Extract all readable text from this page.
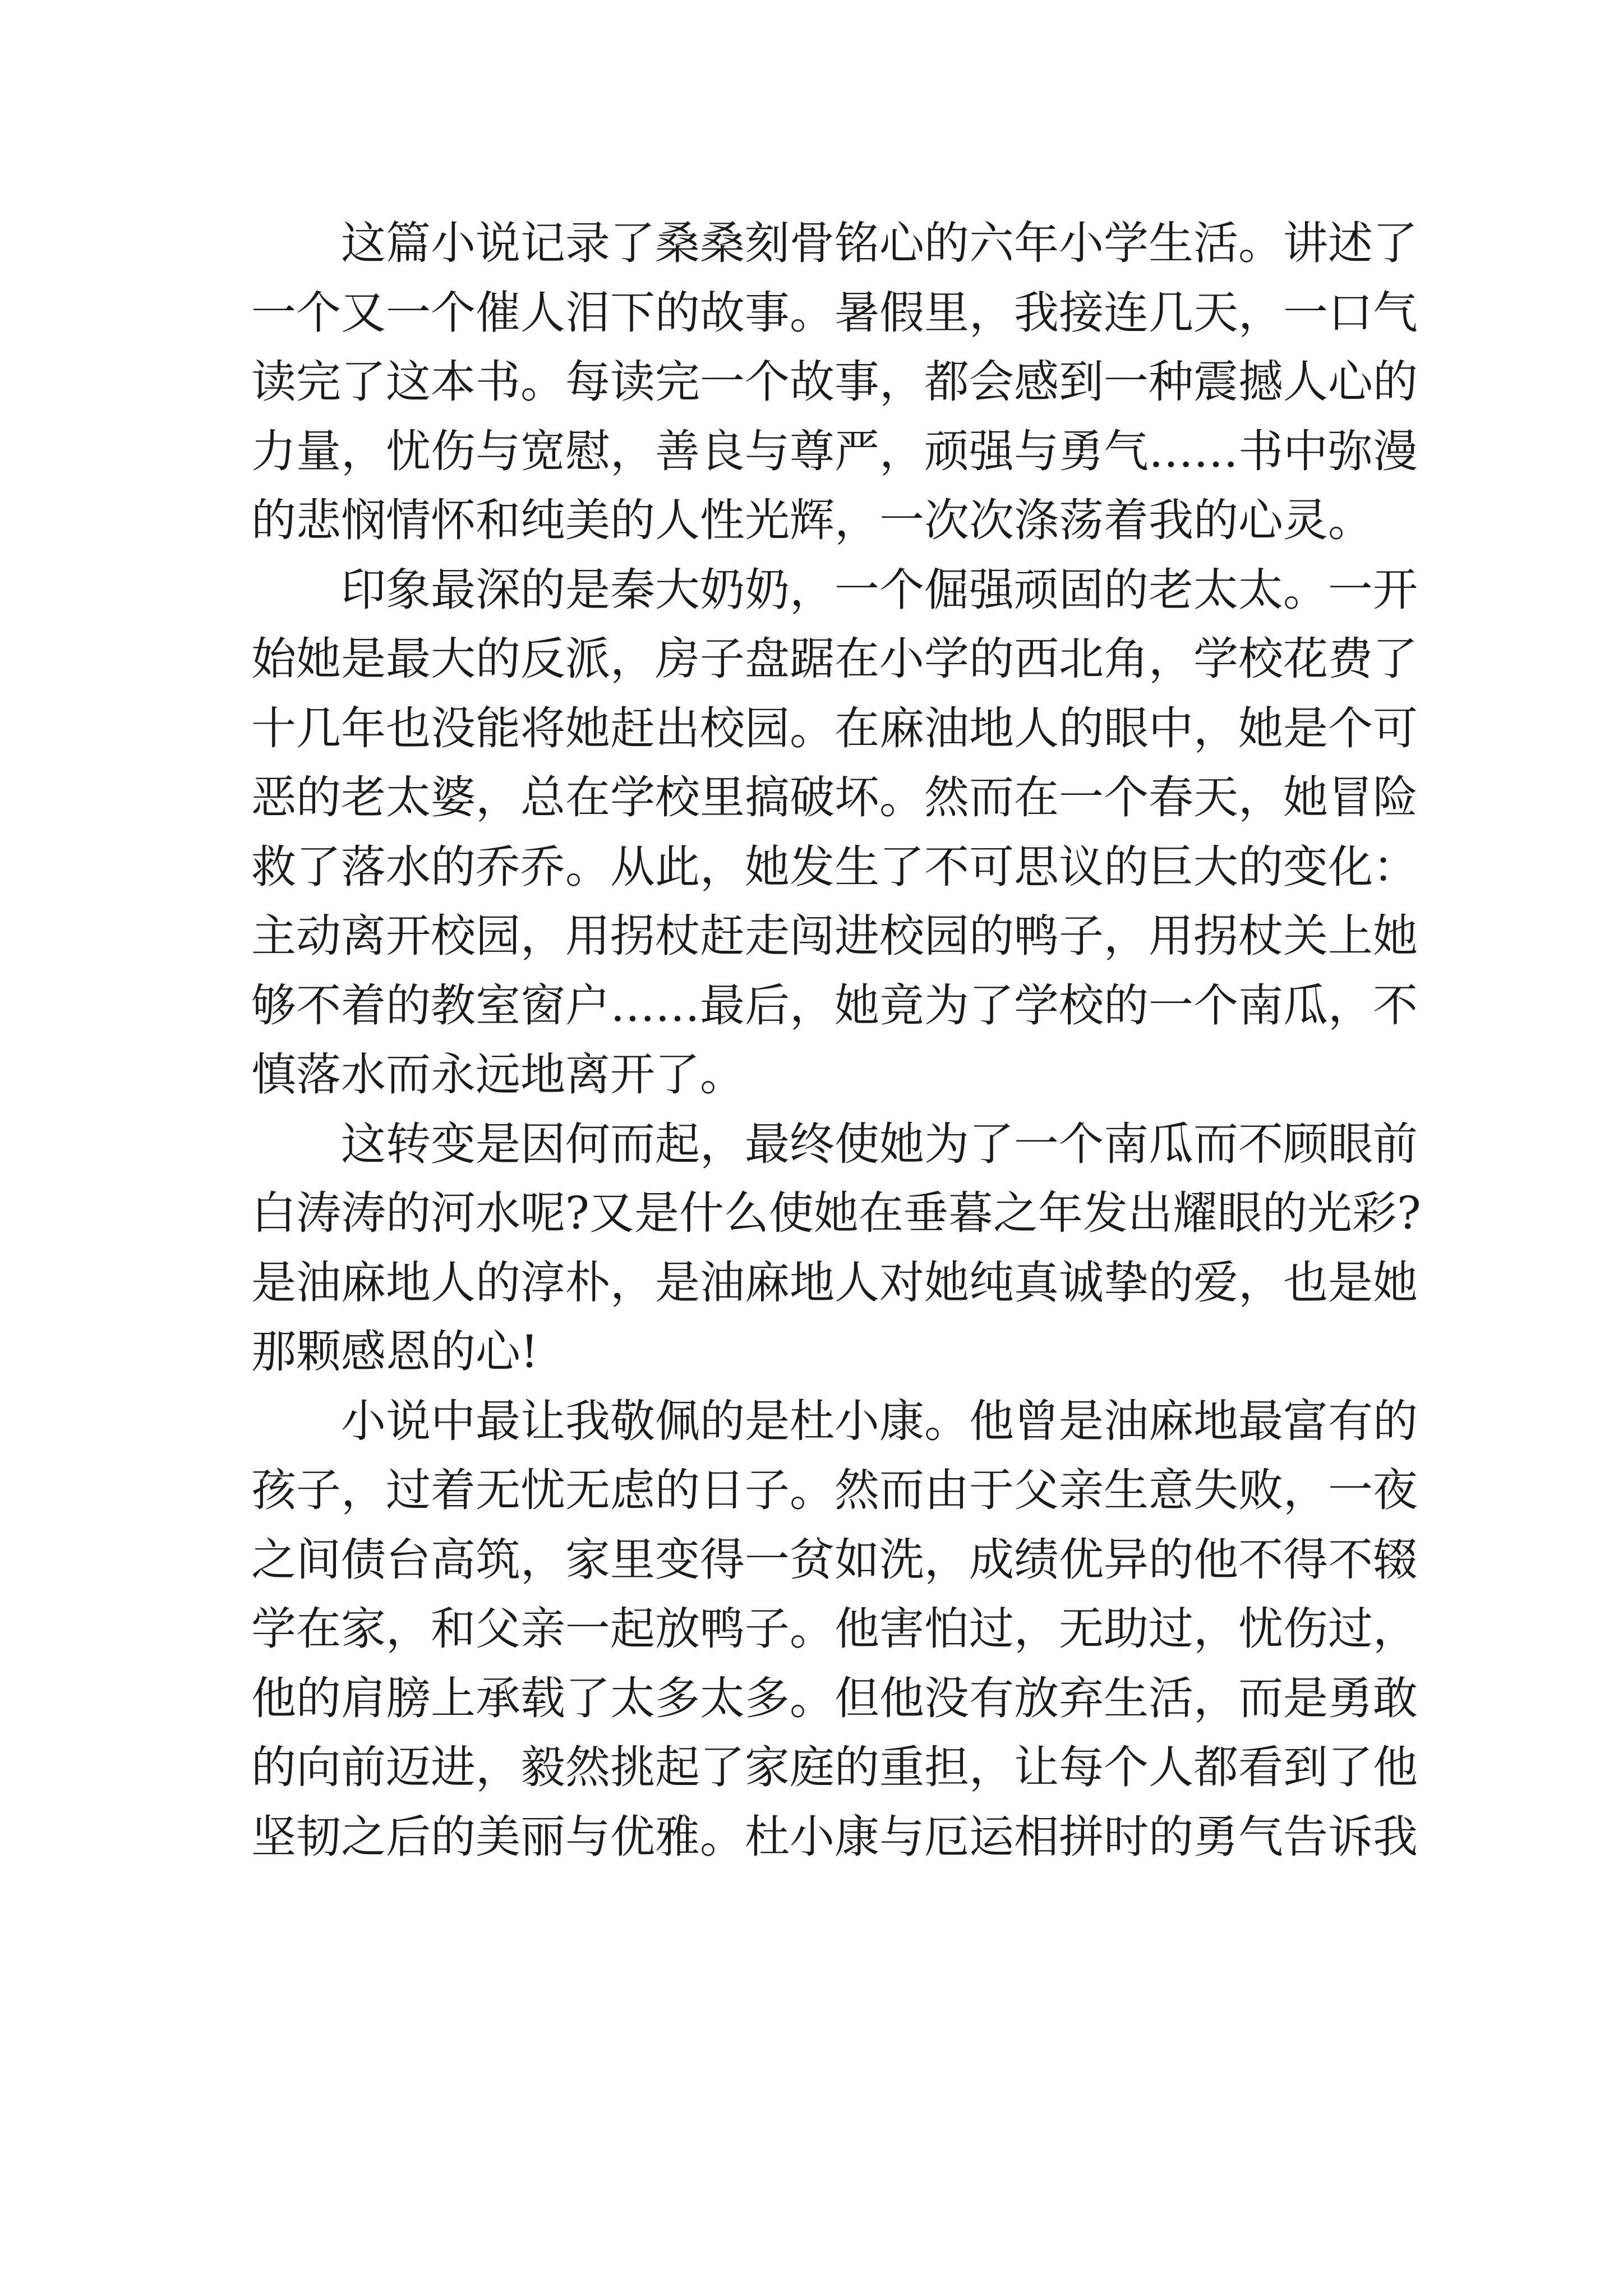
这篇小说记录了桑桑刻骨铭心的六年小学生活。讲述了
一个又一个催人泪下的故事。暑假里，我接连几天，一口气
读完了这本书。每读完一个故事，都会感到一种震撼人心的
力量，忧伤与宽慰，善良与尊严，顽强与勇气……书中弥漫
的悲悯情怀和纯美的人性光辉，一次次涤荡着我的心灵。
印象最深的是秦大奶奶，一个倔强顽固的老太太。一开
始她是最大的反派，房子盘踞在小学的西北角，学校花费了
十几年也没能将她赶出校园。在麻油地人的眼中，她是个可
恶的老太婆，总在学校里搞破坏。然而在一个春天，她冒险
救了落水的乔乔。从此，她发生了不可思议的巨大的变化：
主动离开校园，用拐杖赶走闯进校园的鸭子，用拐杖关上她
够不着的教室窗户……最后，她竟为了学校的一个南瓜，不
慎落水而永远地离开了。
这转变是因何而起，最终使她为了一个南瓜而不顾眼前
白涛涛的河水呢?又是什么使她在垂暮之年发出耀眼的光彩?
是油麻地人的淳朴，是油麻地人对她纯真诚挚的爱，也是她
那颗感恩的心!
小说中最让我敬佩的是杜小康。他曾是油麻地最富有的
孩子，过着无忧无虑的日子。然而由于父亲生意失败，一夜
之间债台高筑，家里变得一贫如洗，成绩优异的他不得不辍
学在家，和父亲一起放鸭子。他害怕过，无助过，忧伤过，
他的肩膀上承载了太多太多。但他没有放弃生活，而是勇敢
的向前迈进，毅然挑起了家庭的重担，让每个人都看到了他
坚韧之后的美丽与优雅。杜小康与厄运相拼时的勇气告诉我
